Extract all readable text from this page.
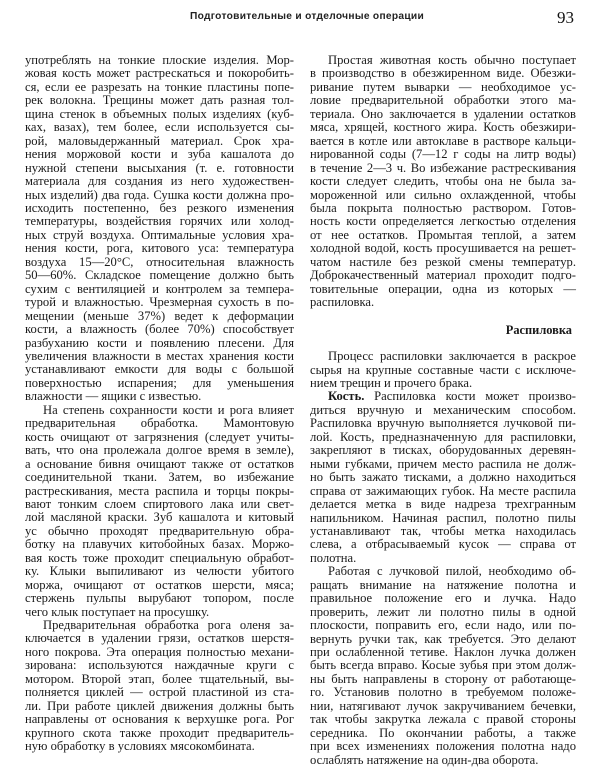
Подготовительные и отделочные операции	93
употреблять на тонкие плоские изделия. Мор-
жовая кость может растрескаться и покоробить-
ся, если ее разрезать на тонкие пластины попе-
рек волокна. Трещины может дать разная тол-
щина стенок в объемных полых изделиях (куб-
ках, вазах), тем более, если используется сы-
рой, маловыдержанный материал. Срок хра-
нения моржовой кости и зуба кашалота до
нужной степени высыхания (т. е. готовности
материала для создания из него художествен-
ных изделий) два года. Сушка кости должна про-
исходить постепенно, без резкого изменения
температуры, воздействия горячих или холод-
ных струй воздуха. Оптимальные условия хра-
нения кости, рога, китового уса: температура
воздуха 15—20°С, относительная влажность
50—60%. Складское помещение должно быть
сухим с вентиляцией и контролем за темпера-
турой и влажностью. Чрезмерная сухость в по-
мещении (меньше 37%) ведет к деформации
кости, а влажность (более 70%) способствует
разбуханию кости и появлению плесени. Для
увеличения влажности в местах хранения кости
устанавливают емкости для воды с большой
поверхностью испарения; для уменьшения
влажности — ящики с известью.
На степень сохранности кости и рога влияет
предварительная обработка. Мамонтовую
кость очищают от загрязнения (следует учиты-
вать, что она пролежала долгое время в земле),
а основание бивня очищают также от остатков
соединительной ткани. Затем, во избежание
растрескивания, места распила и торцы покры-
вают тонким слоем спиртового лака или свет-
лой масляной краски. Зуб кашалота и китовый
ус обычно проходят предварительную обра-
ботку на плавучих китобойных базах. Моржо-
вая кость тоже проходит специальную обработ-
ку. Клыки выпиливают из челюсти убитого
моржа, очищают от остатков шерсти, мяса;
стержень пульпы вырубают топором, после
чего клык поступает на просушку.
Предварительная обработка рога оленя за-
ключается в удалении грязи, остатков шерстя-
ного покрова. Эта операция полностью механи-
зирована: используются наждачные круги с
мотором. Второй этап, более тщательный, вы-
полняется циклей — острой пластиной из ста-
ли. При работе циклей движения должны быть
направлены от основания к верхушке рога. Рог
крупного скота также проходит предваритель-
ную обработку в условиях мясокомбината.
Простая животная кость обычно поступает
в производство в обезжиренном виде. Обезжи-
ривание путем выварки — необходимое ус-
ловие предварительной обработки этого ма-
териала. Оно заключается в удалении остатков
мяса, хрящей, костного жира. Кость обезжири-
вается в котле или автоклаве в растворе кальци-
нированной соды (7—12 г соды на литр воды)
в течение 2—3 ч. Во избежание растрескивания
кости следует следить, чтобы она не была за-
мороженной или сильно охлажденной, чтобы
была покрыта полностью раствором. Готов-
ность кости определяется легкостью отделения
от нее остатков. Промытая теплой, а затем
холодной водой, кость просушивается на решет-
чатом настиле без резкой смены температур.
Доброкачественный материал проходит подго-
товительные операции, одна из которых —
распиловка.
Распиловка
Процесс распиловки заключается в раскрое
сырья на крупные составные части с исключе-
нием трещин и прочего брака.
Кость. Распиловка кости может произво-
диться вручную и механическим способом.
Распиловка вручную выполняется лучковой пи-
лой. Кость, предназначенную для распиловки,
закрепляют в тисках, оборудованных деревян-
ными губками, причем место распила не долж-
но быть зажато тисками, а должно находиться
справа от зажимающих губок. На месте распила
делается метка в виде надреза трехгранным
напильником. Начиная распил, полотно пилы
устанавливают так, чтобы метка находилась
слева, а отбрасываемый кусок — справа от
полотна.
Работая с лучковой пилой, необходимо об-
ращать внимание на натяжение полотна и
правильное положение его и лучка. Надо
проверить, лежит ли полотно пилы в одной
плоскости, поправить его, если надо, или по-
вернуть ручки так, как требуется. Это делают
при ослабленной тетиве. Наклон лучка должен
быть всегда вправо. Косые зубья при этом долж-
ны быть направлены в сторону от работающе-
го. Установив полотно в требуемом положе-
нии, натягивают лучок закручиванием бечевки,
так чтобы закрутка лежала с правой стороны
середника. По окончании работы, а также
при всех изменениях положения полотна надо
ослаблять натяжение на один-два оборота.
